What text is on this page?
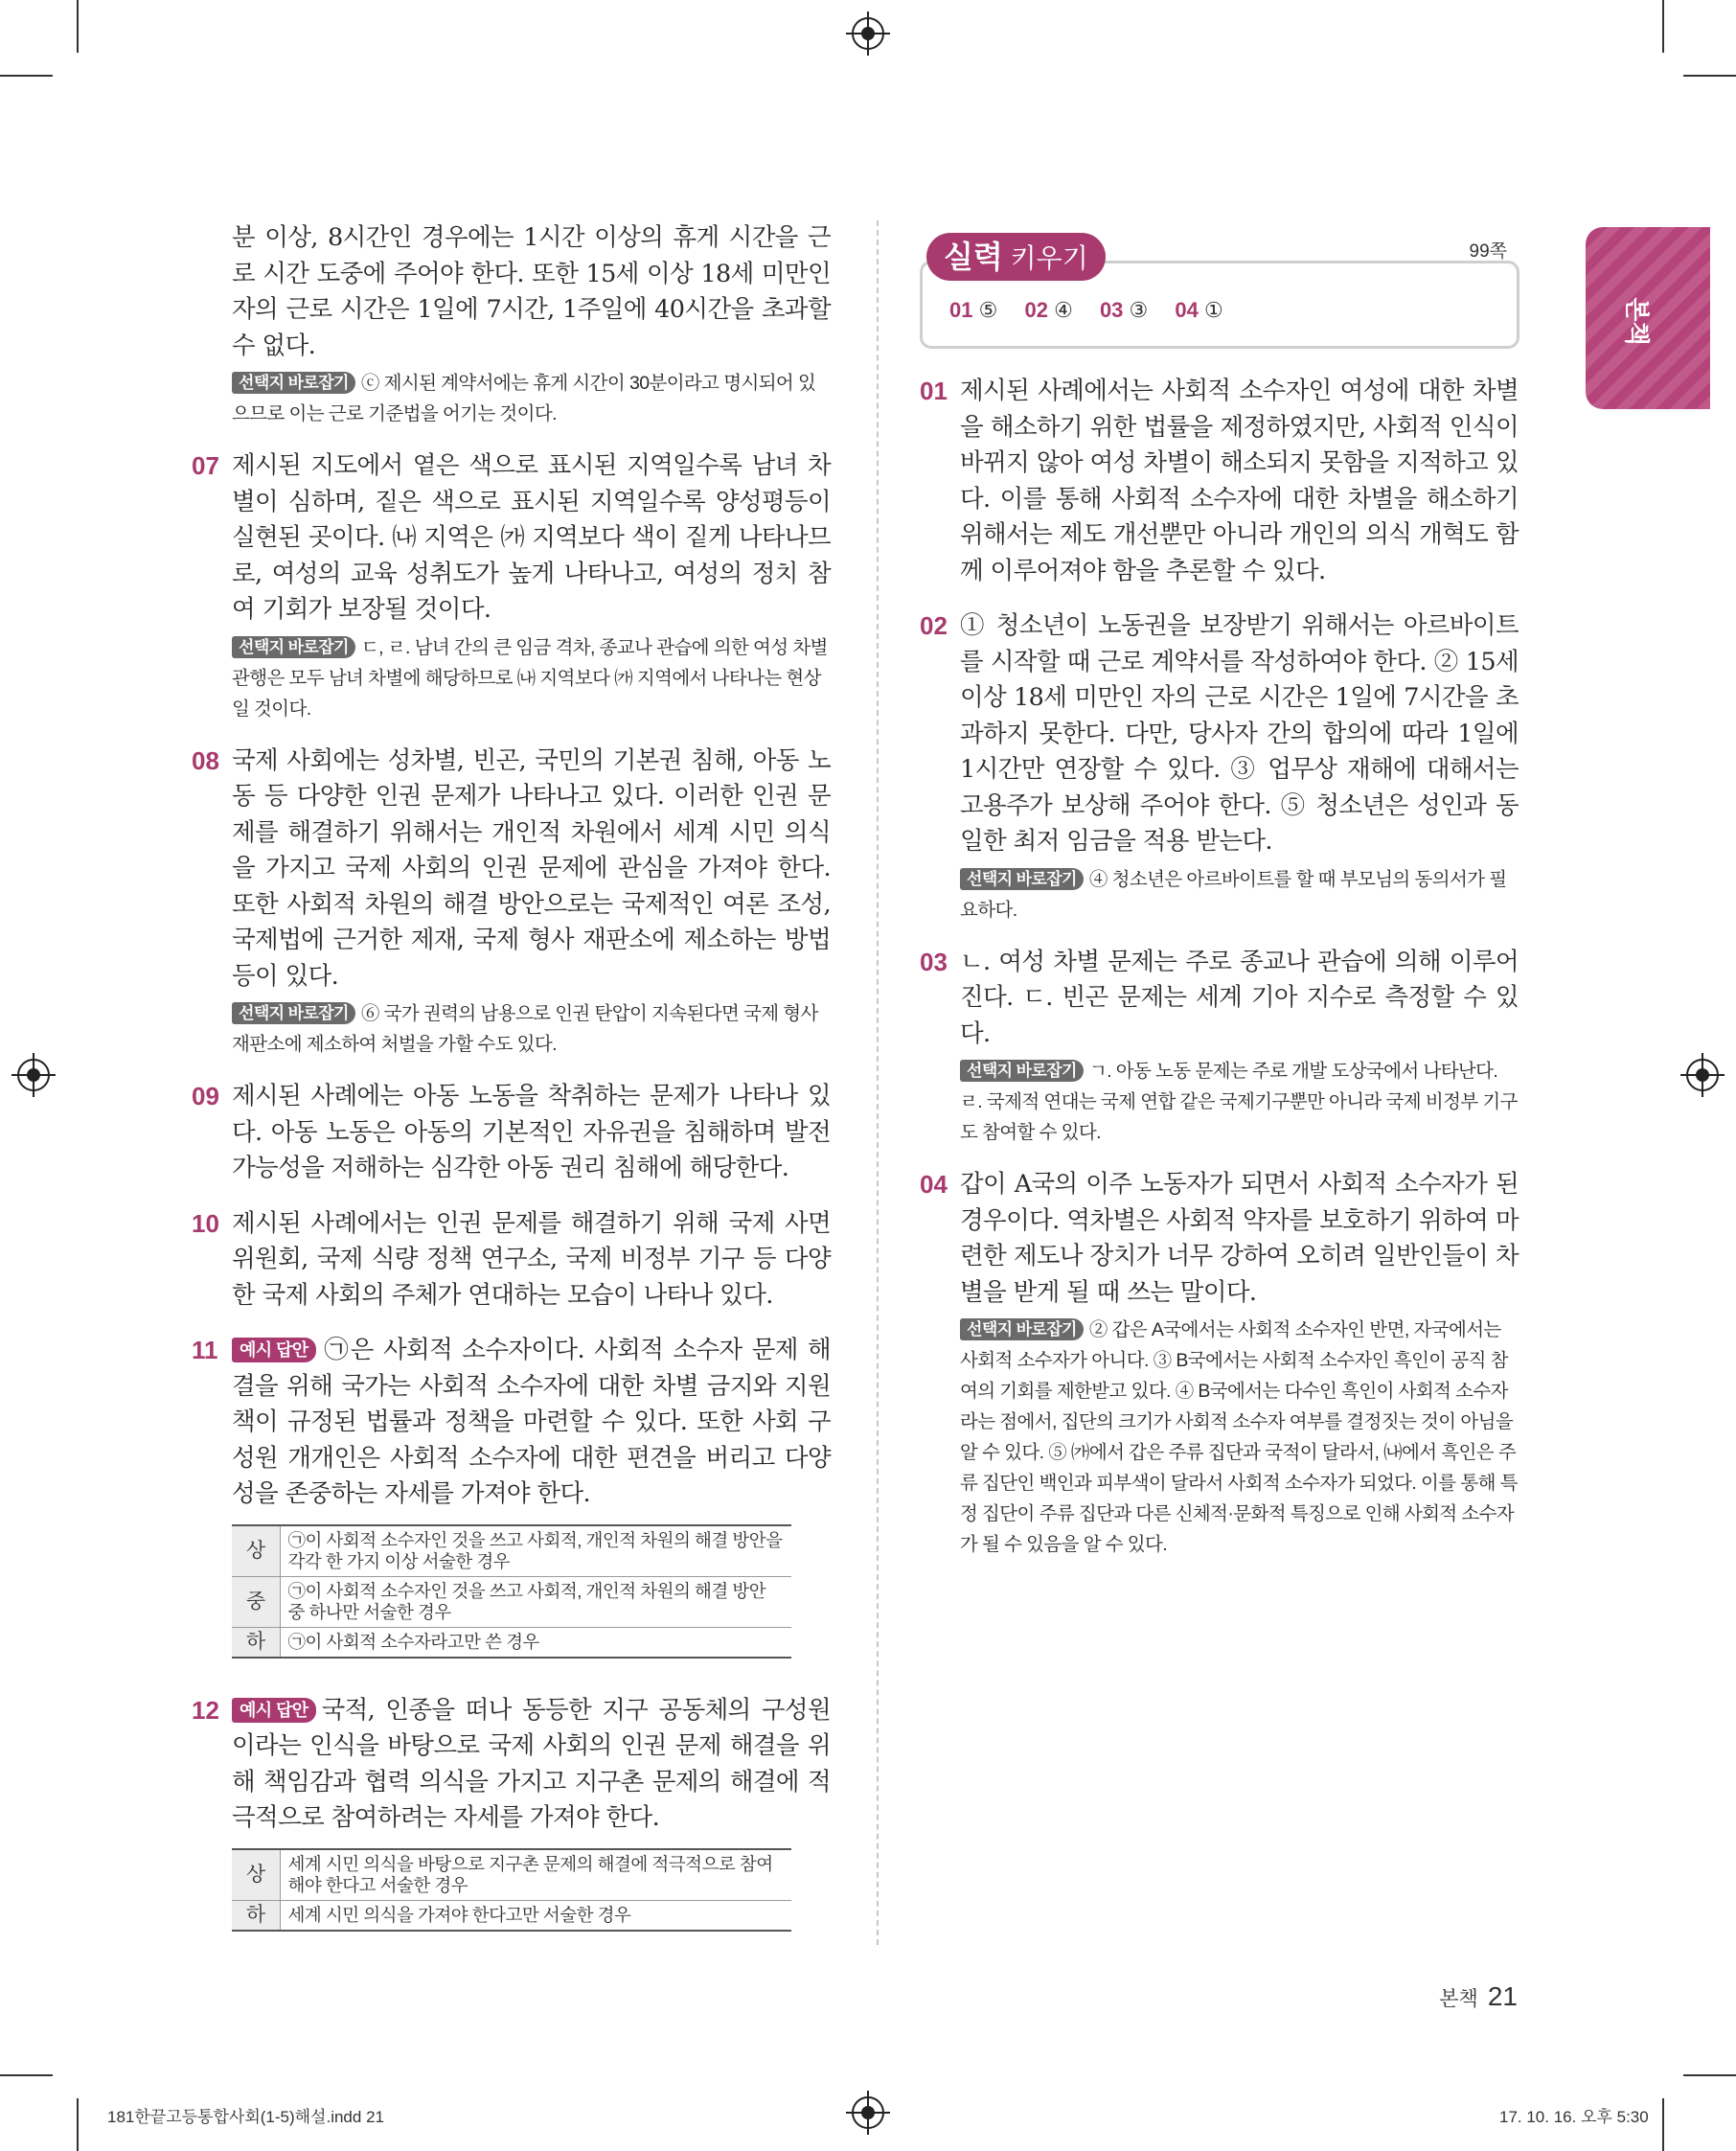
본책

분 이상, 8시간인 경우에는 1시간 이상의 휴게 시간을 근로 시간 도중에 주어야 한다. 또한 15세 이상 18세 미만인 자의 근로 시간은 1일에 7시간, 1주일에 40시간을 초과할 수 없다.

선택지 바로잡기 ⓒ 제시된 계약서에는 휴게 시간이 30분이라고 명시되어 있으므로 이는 근로 기준법을 어기는 것이다.

07 제시된 지도에서 옅은 색으로 표시된 지역일수록 남녀 차별이 심하며, 짙은 색으로 표시된 지역일수록 양성평등이 실현된 곳이다. ㈏ 지역은 ㈎ 지역보다 색이 짙게 나타나므로, 여성의 교육 성취도가 높게 나타나고, 여성의 정치 참여 기회가 보장될 것이다.

선택지 바로잡기 ㄷ, ㄹ. 남녀 간의 큰 임금 격차, 종교나 관습에 의한 여성 차별 관행은 모두 남녀 차별에 해당하므로 ㈏ 지역보다 ㈎ 지역에서 나타나는 현상일 것이다.

08 국제 사회에는 성차별, 빈곤, 국민의 기본권 침해, 아동 노동 등 다양한 인권 문제가 나타나고 있다. 이러한 인권 문제를 해결하기 위해서는 개인적 차원에서 세계 시민 의식을 가지고 국제 사회의 인권 문제에 관심을 가져야 한다. 또한 사회적 차원의 해결 방안으로는 국제적인 여론 조성, 국제법에 근거한 제재, 국제 형사 재판소에 제소하는 방법 등이 있다.

선택지 바로잡기 ⑥ 국가 권력의 남용으로 인권 탄압이 지속된다면 국제 형사 재판소에 제소하여 처벌을 가할 수도 있다.

09 제시된 사례에는 아동 노동을 착취하는 문제가 나타나 있다. 아동 노동은 아동의 기본적인 자유권을 침해하며 발전 가능성을 저해하는 심각한 아동 권리 침해에 해당한다.

10 제시된 사례에서는 인권 문제를 해결하기 위해 국제 사면 위원회, 국제 식량 정책 연구소, 국제 비정부 기구 등 다양한 국제 사회의 주체가 연대하는 모습이 나타나 있다.

11	예시 답안 ㉠은 사회적 소수자이다. 사회적 소수자 문제 해결을 위해 국가는 사회적 소수자에 대한 차별 금지와 지원책이 규정된 법률과 정책을 마련할 수 있다. 또한 사회 구성원 개개인은 사회적 소수자에 대한 편견을 버리고 다양성을 존중하는 자세를 가져야 한다.

상	㉠이 사회적 소수자인 것을 쓰고 사회적, 개인적 차원의 해결 방안을 각각 한 가지 이상 서술한 경우
중	㉠이 사회적 소수자인 것을 쓰고 사회적, 개인적 차원의 해결 방안 중 하나만 서술한 경우
하	㉠이 사회적 소수자라고만 쓴 경우
12	예시 답안 국적, 인종을 떠나 동등한 지구 공동체의 구성원이라는 인식을 바탕으로 국제 사회의 인권 문제 해결을 위해 책임감과 협력 의식을 가지고 지구촌 문제의 해결에 적극적으로 참여하려는 자세를 가져야 한다.

상	세계 시민 의식을 바탕으로 지구촌 문제의 해결에 적극적으로 참여해야 한다고 서술한 경우
하	세계 시민 의식을 가져야 한다고만 서술한 경우
실력 키우기	99쪽
01 ⑤ 02 ④ 03 ③ 04 ①
01 제시된 사례에서는 사회적 소수자인 여성에 대한 차별을 해소하기 위한 법률을 제정하였지만, 사회적 인식이 바뀌지 않아 여성 차별이 해소되지 못함을 지적하고 있다. 이를 통해 사회적 소수자에 대한 차별을 해소하기 위해서는 제도 개선뿐만 아니라 개인의 의식 개혁도 함께 이루어져야 함을 추론할 수 있다.

02 ① 청소년이 노동권을 보장받기 위해서는 아르바이트를 시작할 때 근로 계약서를 작성하여야 한다. ② 15세 이상 18세 미만인 자의 근로 시간은 1일에 7시간을 초과하지 못한다. 다만, 당사자 간의 합의에 따라 1일에 1시간만 연장할 수 있다. ③ 업무상 재해에 대해서는 고용주가 보상해 주어야 한다. ⑤ 청소년은 성인과 동일한 최저 임금을 적용 받는다.

선택지 바로잡기 ④ 청소년은 아르바이트를 할 때 부모님의 동의서가 필요하다.

03 ㄴ. 여성 차별 문제는 주로 종교나 관습에 의해 이루어진다. ㄷ. 빈곤 문제는 세계 기아 지수로 측정할 수 있다.

선택지 바로잡기 ㄱ. 아동 노동 문제는 주로 개발 도상국에서 나타난다. ㄹ. 국제적 연대는 국제 연합 같은 국제기구뿐만 아니라 국제 비정부 기구도 참여할 수 있다.

04 갑이 A국의 이주 노동자가 되면서 사회적 소수자가 된 경우이다. 역차별은 사회적 약자를 보호하기 위하여 마련한 제도나 장치가 너무 강하여 오히려 일반인들이 차별을 받게 될 때 쓰는 말이다.

선택지 바로잡기 ② 갑은 A국에서는 사회적 소수자인 반면, 자국에서는 사회적 소수자가 아니다. ③ B국에서는 사회적 소수자인 흑인이 공직 참여의 기회를 제한받고 있다. ④ B국에서는 다수인 흑인이 사회적 소수자라는 점에서, 집단의 크기가 사회적 소수자 여부를 결정짓는 것이 아님을 알 수 있다. ⑤ ㈎에서 갑은 주류 집단과 국적이 달라서, ㈏에서 흑인은 주류 집단인 백인과 피부색이 달라서 사회적 소수자가 되었다. 이를 통해 특정 집단이 주류 집단과 다른 신체적·문화적 특징으로 인해 사회적 소수자가 될 수 있음을 알 수 있다.

본책 21
181한끝고등통합사회(1-5)해설.indd 21	17. 10. 16. 오후 5:30
